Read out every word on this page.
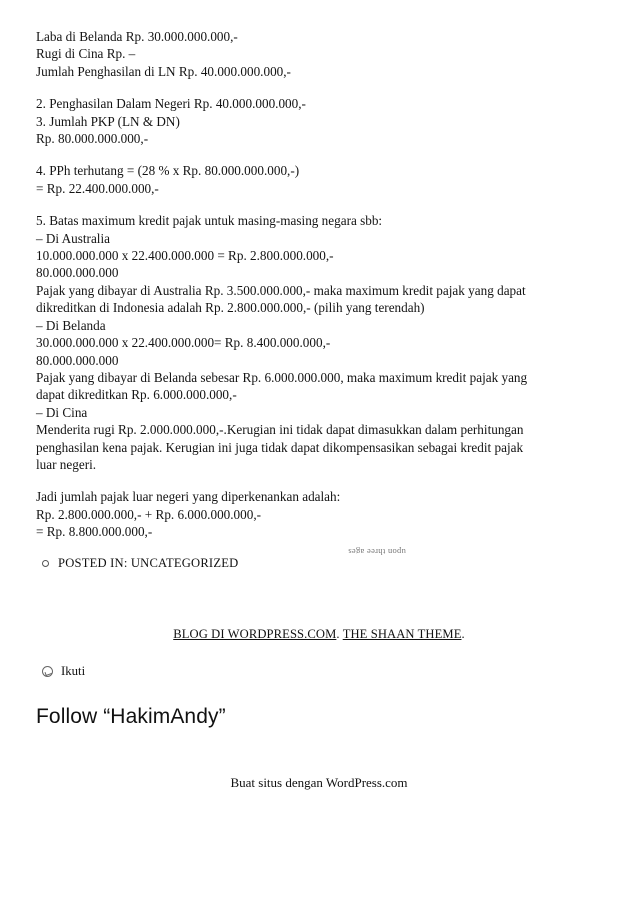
Laba di Belanda Rp. 30.000.000.000,-
Rugi di Cina Rp. –
Jumlah Penghasilan di LN Rp. 40.000.000.000,-
2. Penghasilan Dalam Negeri Rp. 40.000.000.000,-
3. Jumlah PKP (LN & DN)
Rp. 80.000.000.000,-
4. PPh terhutang = (28 % x Rp. 80.000.000.000,-)
= Rp. 22.400.000.000,-
5. Batas maximum kredit pajak untuk masing-masing negara sbb:
– Di Australia
10.000.000.000 x 22.400.000.000 = Rp. 2.800.000.000,-
80.000.000.000
Pajak yang dibayar di Australia Rp. 3.500.000.000,- maka maximum kredit pajak yang dapat
dikreditkan di Indonesia adalah Rp. 2.800.000.000,- (pilih yang terendah)
– Di Belanda
30.000.000.000 x 22.400.000.000= Rp. 8.400.000.000,-
80.000.000.000
Pajak yang dibayar di Belanda sebesar Rp. 6.000.000.000, maka maximum kredit pajak yang
dapat dikreditkan Rp. 6.000.000.000,-
– Di Cina
Menderita rugi Rp. 2.000.000.000,-.Kerugian ini tidak dapat dimasukkan dalam perhitungan
penghasilan kena pajak. Kerugian ini juga tidak dapat dikompensasikan sebagai kredit pajak
luar negeri.
Jadi jumlah pajak luar negeri yang diperkenankan adalah:
Rp. 2.800.000.000,- + Rp. 6.000.000.000,-
= Rp. 8.800.000.000,-
upon three ages
POSTED IN: UNCATEGORIZED
BLOG DI WORDPRESS.COM. THE SHAAN THEME.
Ikuti
Follow “HakimAndy”
Buat situs dengan WordPress.com
